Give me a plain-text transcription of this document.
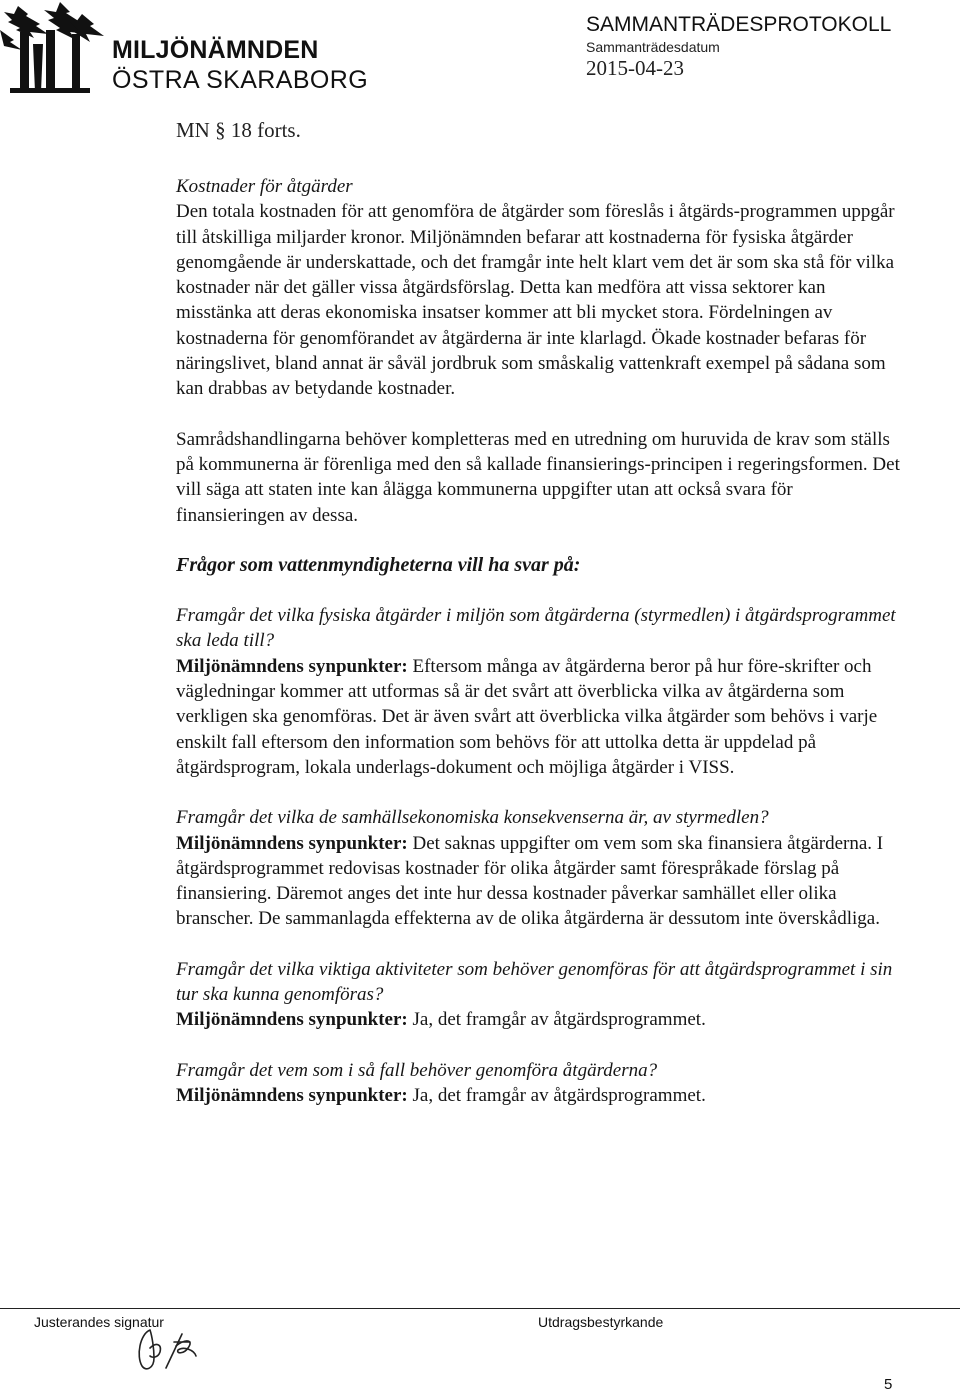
MILJÖNÄMNDEN
ÖSTRA SKARABORG
SAMMANTRÄDESPROTOKOLL
Sammanträdesdatum
2015-04-23
MN § 18 forts.

Kostnader för åtgärder

Den totala kostnaden för att genomföra de åtgärder som föreslås i åtgärds-programmen uppgår till åtskilliga miljarder kronor. Miljönämnden befarar att kostnaderna för fysiska åtgärder genomgående är underskattade, och det framgår inte helt klart vem det är som ska stå för vilka kostnader när det gäller vissa åtgärdsförslag. Detta kan medföra att vissa sektorer kan misstänka att deras ekonomiska insatser kommer att bli mycket stora. Fördelningen av kostnaderna för genomförandet av åtgärderna är inte klarlagd. Ökade kostnader befaras för näringslivet, bland annat är såväl jordbruk som småskalig vattenkraft exempel på sådana som kan drabbas av betydande kostnader.

Samrådshandlingarna behöver kompletteras med en utredning om huruvida de krav som ställs på kommunerna är förenliga med den så kallade finansierings-principen i regeringsformen. Det vill säga att staten inte kan ålägga kommunerna uppgifter utan att också svara för finansieringen av dessa.

Frågor som vattenmyndigheterna vill ha svar på:

Framgår det vilka fysiska åtgärder i miljön som åtgärderna (styrmedlen) i åtgärdsprogrammet ska leda till?

Miljönämndens synpunkter: Eftersom många av åtgärderna beror på hur före-skrifter och vägledningar kommer att utformas så är det svårt att överblicka vilka av åtgärderna som verkligen ska genomföras. Det är även svårt att överblicka vilka åtgärder som behövs i varje enskilt fall eftersom den information som behövs för att uttolka detta är uppdelad på åtgärdsprogram, lokala underlags-dokument och möjliga åtgärder i VISS.

Framgår det vilka de samhällsekonomiska konsekvenserna är, av styrmedlen?

Miljönämndens synpunkter: Det saknas uppgifter om vem som ska finansiera åtgärderna. I åtgärdsprogrammet redovisas kostnader för olika åtgärder samt förespråkade förslag på finansiering. Däremot anges det inte hur dessa kostnader påverkar samhället eller olika branscher. De sammanlagda effekterna av de olika åtgärderna är dessutom inte överskådliga.

Framgår det vilka viktiga aktiviteter som behöver genomföras för att åtgärdsprogrammet i sin tur ska kunna genomföras?

Miljönämndens synpunkter: Ja, det framgår av åtgärdsprogrammet.

Framgår det vem som i så fall behöver genomföra åtgärderna?

Miljönämndens synpunkter: Ja, det framgår av åtgärdsprogrammet.

Justerandes signatur	Utdragsbestyrkande
5
